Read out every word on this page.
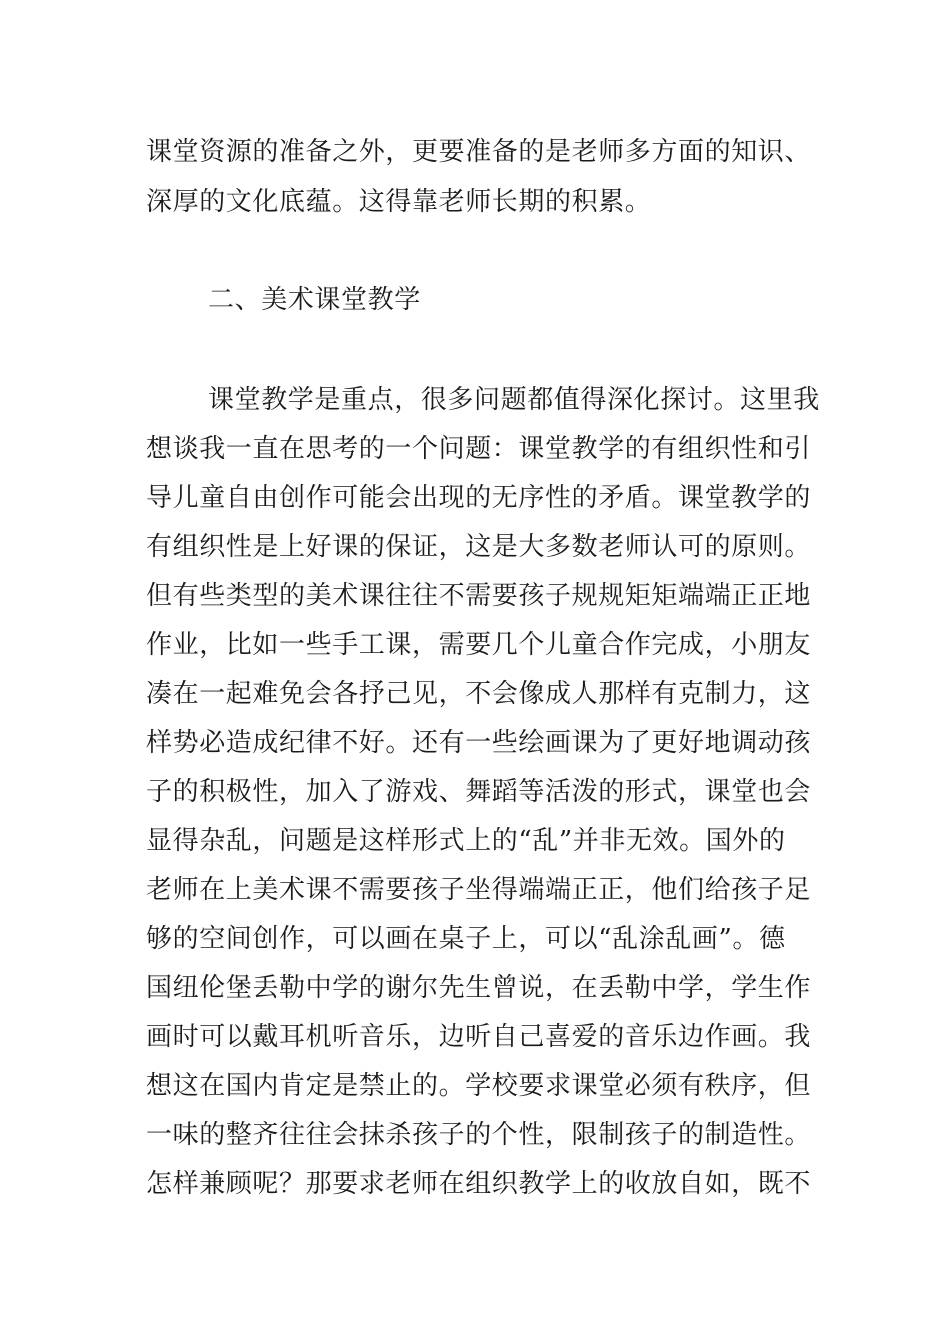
课堂资源的准备之外，更要准备的是老师多方面的知识、
深厚的文化底蕴。这得靠老师长期的积累。
二、美术课堂教学
课堂教学是重点，很多问题都值得深化探讨。这里我
想谈我一直在思考的一个问题：课堂教学的有组织性和引
导儿童自由创作可能会出现的无序性的矛盾。课堂教学的
有组织性是上好课的保证，这是大多数老师认可的原则。
但有些类型的美术课往往不需要孩子规规矩矩端端正正地
作业，比如一些手工课，需要几个儿童合作完成，小朋友
凑在一起难免会各抒己见，不会像成人那样有克制力，这
样势必造成纪律不好。还有一些绘画课为了更好地调动孩
子的积极性，加入了游戏、舞蹈等活泼的形式，课堂也会
显得杂乱，问题是这样形式上的“乱”并非无效。国外的
老师在上美术课不需要孩子坐得端端正正，他们给孩子足
够的空间创作，可以画在桌子上，可以“乱涂乱画”。德
国纽伦堡丢勒中学的谢尔先生曾说，在丢勒中学，学生作
画时可以戴耳机听音乐，边听自己喜爱的音乐边作画。我
想这在国内肯定是禁止的。学校要求课堂必须有秩序，但
一味的整齐往往会抹杀孩子的个性，限制孩子的制造性。
怎样兼顾呢？那要求老师在组织教学上的收放自如，既不
